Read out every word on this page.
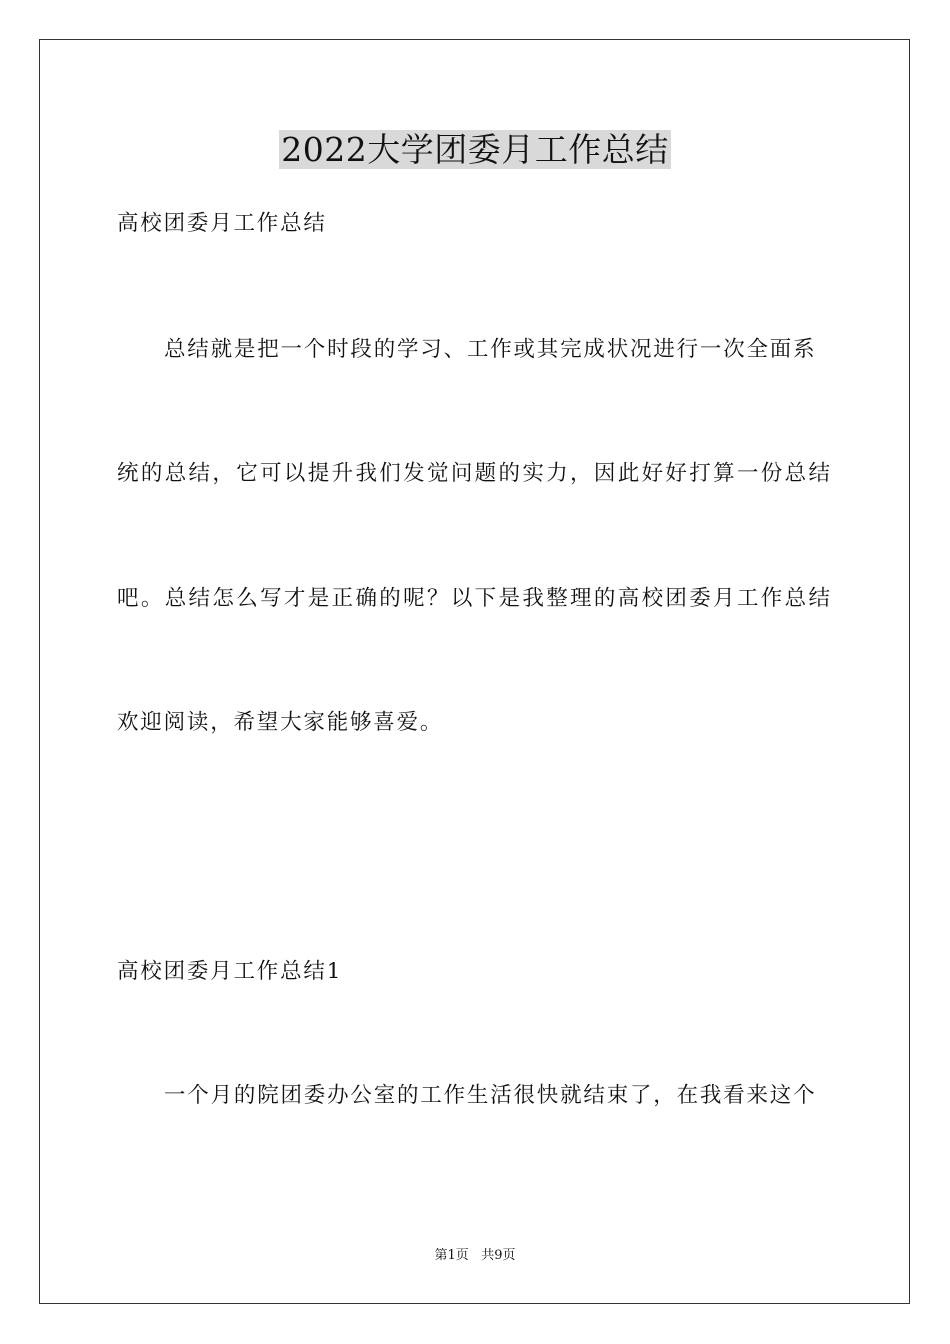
2022大学团委月工作总结

高校团委月工作总结

总结就是把一个时段的学习、工作或其完成状况进行一次全面系

统的总结，它可以提升我们发觉问题的实力，因此好好打算一份总结

吧。总结怎么写才是正确的呢？以下是我整理的高校团委月工作总结

欢迎阅读，希望大家能够喜爱。

高校团委月工作总结1

一个月的院团委办公室的工作生活很快就结束了，在我看来这个

第1页 共9页
